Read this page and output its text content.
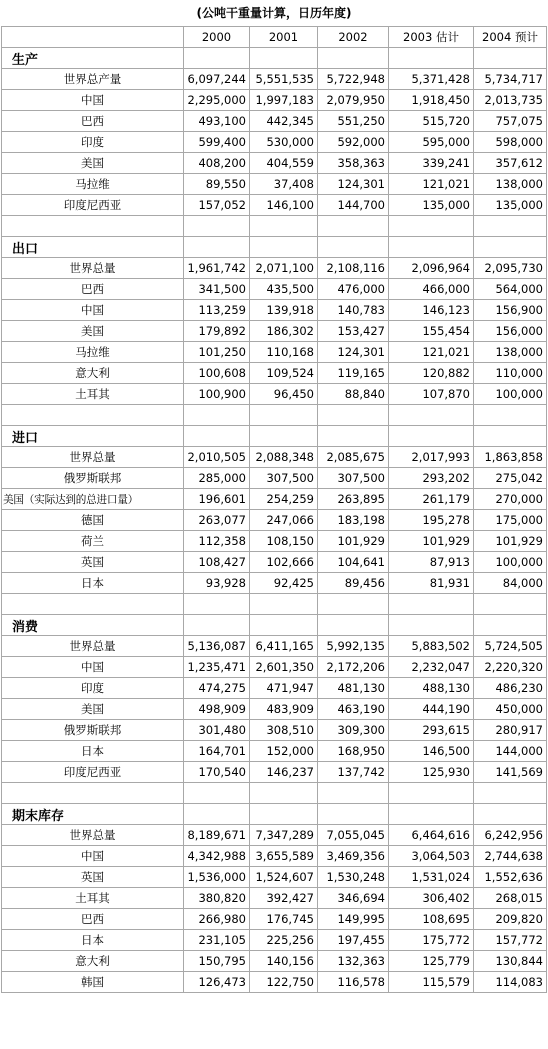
(公吨干重量计算，日历年度)
	2000	2001	2002	2003 估计	2004 预计
生产					
世界总产量	6,097,244	5,551,535	5,722,948	5,371,428	5,734,717
中国	2,295,000	1,997,183	2,079,950	1,918,450	2,013,735
巴西	493,100	442,345	551,250	515,720	757,075
印度	599,400	530,000	592,000	595,000	598,000
美国	408,200	404,559	358,363	339,241	357,612
马拉维	89,550	37,408	124,301	121,021	138,000
印度尼西亚	157,052	146,100	144,700	135,000	135,000

出口					
世界总量	1,961,742	2,071,100	2,108,116	2,096,964	2,095,730
巴西	341,500	435,500	476,000	466,000	564,000
中国	113,259	139,918	140,783	146,123	156,900
美国	179,892	186,302	153,427	155,454	156,000
马拉维	101,250	110,168	124,301	121,021	138,000
意大利	100,608	109,524	119,165	120,882	110,000
土耳其	100,900	96,450	88,840	107,870	100,000

进口					
世界总量	2,010,505	2,088,348	2,085,675	2,017,993	1,863,858
俄罗斯联邦	285,000	307,500	307,500	293,202	275,042
美国（实际达到的总进口量）	196,601	254,259	263,895	261,179	270,000
德国	263,077	247,066	183,198	195,278	175,000
荷兰	112,358	108,150	101,929	101,929	101,929
英国	108,427	102,666	104,641	87,913	100,000
日本	93,928	92,425	89,456	81,931	84,000

消费					
世界总量	5,136,087	6,411,165	5,992,135	5,883,502	5,724,505
中国	1,235,471	2,601,350	2,172,206	2,232,047	2,220,320
印度	474,275	471,947	481,130	488,130	486,230
美国	498,909	483,909	463,190	444,190	450,000
俄罗斯联邦	301,480	308,510	309,300	293,615	280,917
日本	164,701	152,000	168,950	146,500	144,000
印度尼西亚	170,540	146,237	137,742	125,930	141,569

期末库存					
世界总量	8,189,671	7,347,289	7,055,045	6,464,616	6,242,956
中国	4,342,988	3,655,589	3,469,356	3,064,503	2,744,638
英国	1,536,000	1,524,607	1,530,248	1,531,024	1,552,636
土耳其	380,820	392,427	346,694	306,402	268,015
巴西	266,980	176,745	149,995	108,695	209,820
日本	231,105	225,256	197,455	175,772	157,772
意大利	150,795	140,156	132,363	125,779	130,844
韩国	126,473	122,750	116,578	115,579	114,083
